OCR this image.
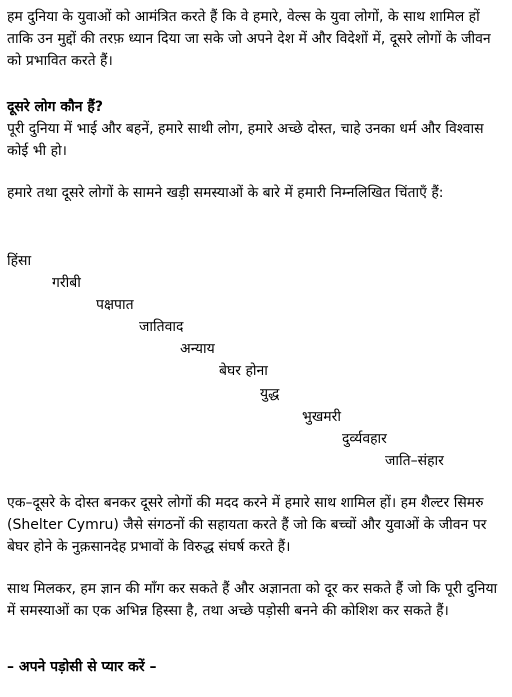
हम दुनिया के युवाओं को आमंत्रित करते हैं कि वे हमारे, वेल्स के युवा लोगों, के साथ शामिल हों ताकि उन मुद्दों की तरफ़ ध्यान दिया जा सके जो अपने देश में और विदेशों में, दूसरे लोगों के जीवन को प्रभावित करते हैं।

दूसरे लोग कौन हैं?

पूरी दुनिया में भाई और बहनें, हमारे साथी लोग, हमारे अच्छे दोस्त, चाहे उनका धर्म और विश्वास कोई भी हो।

हमारे तथा दूसरे लोगों के सामने खड़ी समस्याओं के बारे में हमारी निम्नलिखित चिंताएँ हैं:

हिंसा
गरीबी
पक्षपात
जातिवाद
अन्याय
बेघर होना
युद्ध
भुखमरी
दुर्व्यवहार
जाति–संहार

एक–दूसरे के दोस्त बनकर दूसरे लोगों की मदद करने में हमारे साथ शामिल हों। हम शैल्टर सिमरु (Shelter Cymru) जैसे संगठनों की सहायता करते हैं जो कि बच्चों और युवाओं के जीवन पर बेघर होने के नुक़सानदेह प्रभावों के विरुद्ध संघर्ष करते हैं।

साथ मिलकर, हम ज्ञान की माँग कर सकते हैं और अज्ञानता को दूर कर सकते हैं जो कि पूरी दुनिया में समस्याओं का एक अभिन्न हिस्सा है, तथा अच्छे पड़ोसी बनने की कोशिश कर सकते हैं।

– अपने पड़ोसी से प्यार करें –
